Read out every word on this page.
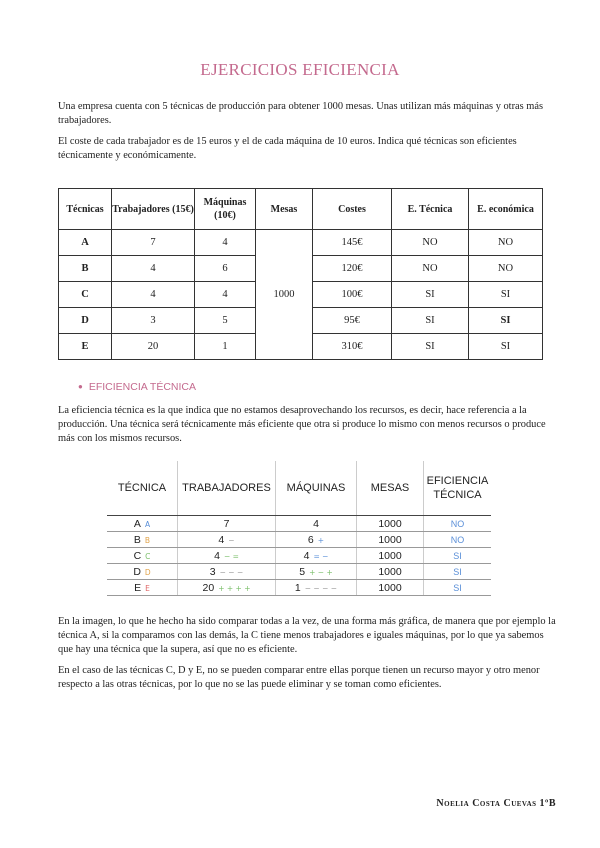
EJERCICIOS EFICIENCIA

Una empresa cuenta con 5 técnicas de producción para obtener 1000 mesas. Unas utilizan más máquinas y otras más trabajadores.

El coste de cada trabajador es de 15 euros y el de cada máquina de 10 euros. Indica qué técnicas son eficientes técnicamente y económicamente.

Técnicas	Trabajadores (15€)	Máquinas (10€)	Mesas	Costes	E. Técnica	E. económica
A	7	4	1000	145€	NO	NO
B	4	6		120€	NO	NO
C	4	4		100€	SI	SI
D	3	5		95€	SI	SI
E	20	1		310€	SI	SI
● EFICIENCIA TÉCNICA

La eficiencia técnica es la que indica que no estamos desaprovechando los recursos, es decir, hace referencia a la producción. Una técnica será técnicamente más eficiente que otra si produce lo mismo con menos recursos o produce más con los mismos recursos.

TÉCNICA	TRABAJADORES	MÁQUINAS	MESAS	EFICIENCIA TÉCNICA
A A	7	4	1000	NO
B B	4 −	6 +	1000	NO
C C	4 − =	4 = −	1000	SI
D D	3 − − −	5 + − +	1000	SI
E E	20 + + + +	1 − − − −	1000	SI

En la imagen, lo que he hecho ha sido comparar todas a la vez, de una forma más gráfica, de manera que por ejemplo la técnica A, si la comparamos con las demás, la C tiene menos trabajadores e iguales máquinas, por lo que ya sabemos que hay una técnica que la supera, así que no es eficiente.

En el caso de las técnicas C, D y E, no se pueden comparar entre ellas porque tienen un recurso mayor y otro menor respecto a las otras técnicas, por lo que no se las puede eliminar y se toman como eficientes.

Noelia Costa Cuevas 1ºB
